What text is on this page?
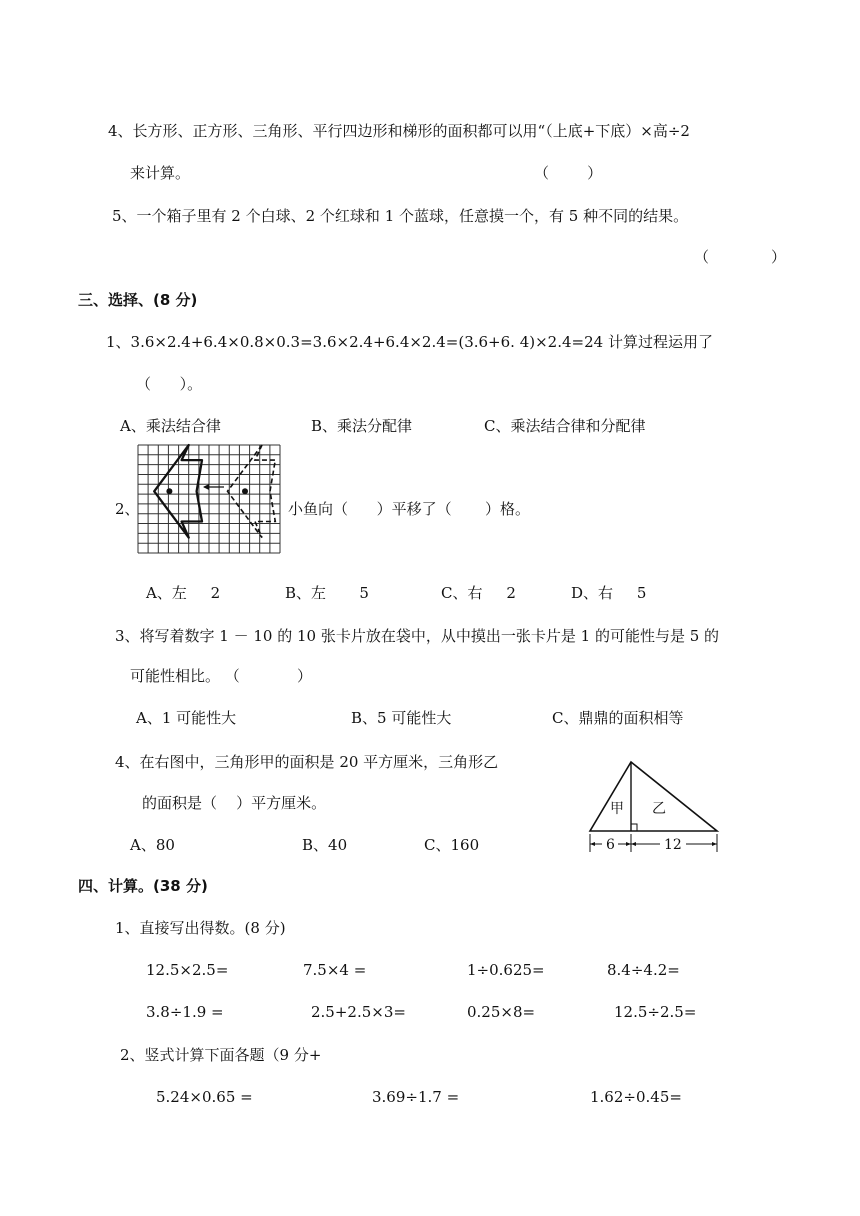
4、长方形、正方形、三角形、平行四边形和梯形的面积都可以用“（上底+下底）×高÷2
来计算。	（        ）
5、一个箱子里有 2 个白球、2 个红球和 1 个蓝球，任意摸一个，有 5 种不同的结果。
（             ）
三、选择、(8 分)
1、3.6×2.4+6.4×0.8×0.3=3.6×2.4+6.4×2.4=(3.6+6. 4)×2.4=24 计算过程运用了
（      ）。
A、乘法结合律	B、乘法分配律	C、乘法结合律和分配律
2、	小鱼向（      ）平移了（       ）格。
A、左     2	B、左       5	C、右     2	D、右     5
3、将写着数字 1 － 10 的 10 张卡片放在袋中，从中摸出一张卡片是 1 的可能性与是 5 的
可能性相比。 （            ）
A、1 可能性大	B、5 可能性大	C、鼎鼎的面积相等
4、在右图中，三角形甲的面积是 20 平方厘米，三角形乙
的面积是（    ）平方厘米。
A、80	B、40	C、160
甲 乙
6	12
四、计算。(38 分)
1、直接写出得数。(8 分)
12.5×2.5=	7.5×4 =	1÷0.625=	8.4÷4.2=
3.8÷1.9 =	2.5+2.5×3=	0.25×8=	12.5÷2.5=
2、竖式计算下面各题（9 分+
5.24×0.65 =	3.69÷1.7 =	1.62÷0.45=
